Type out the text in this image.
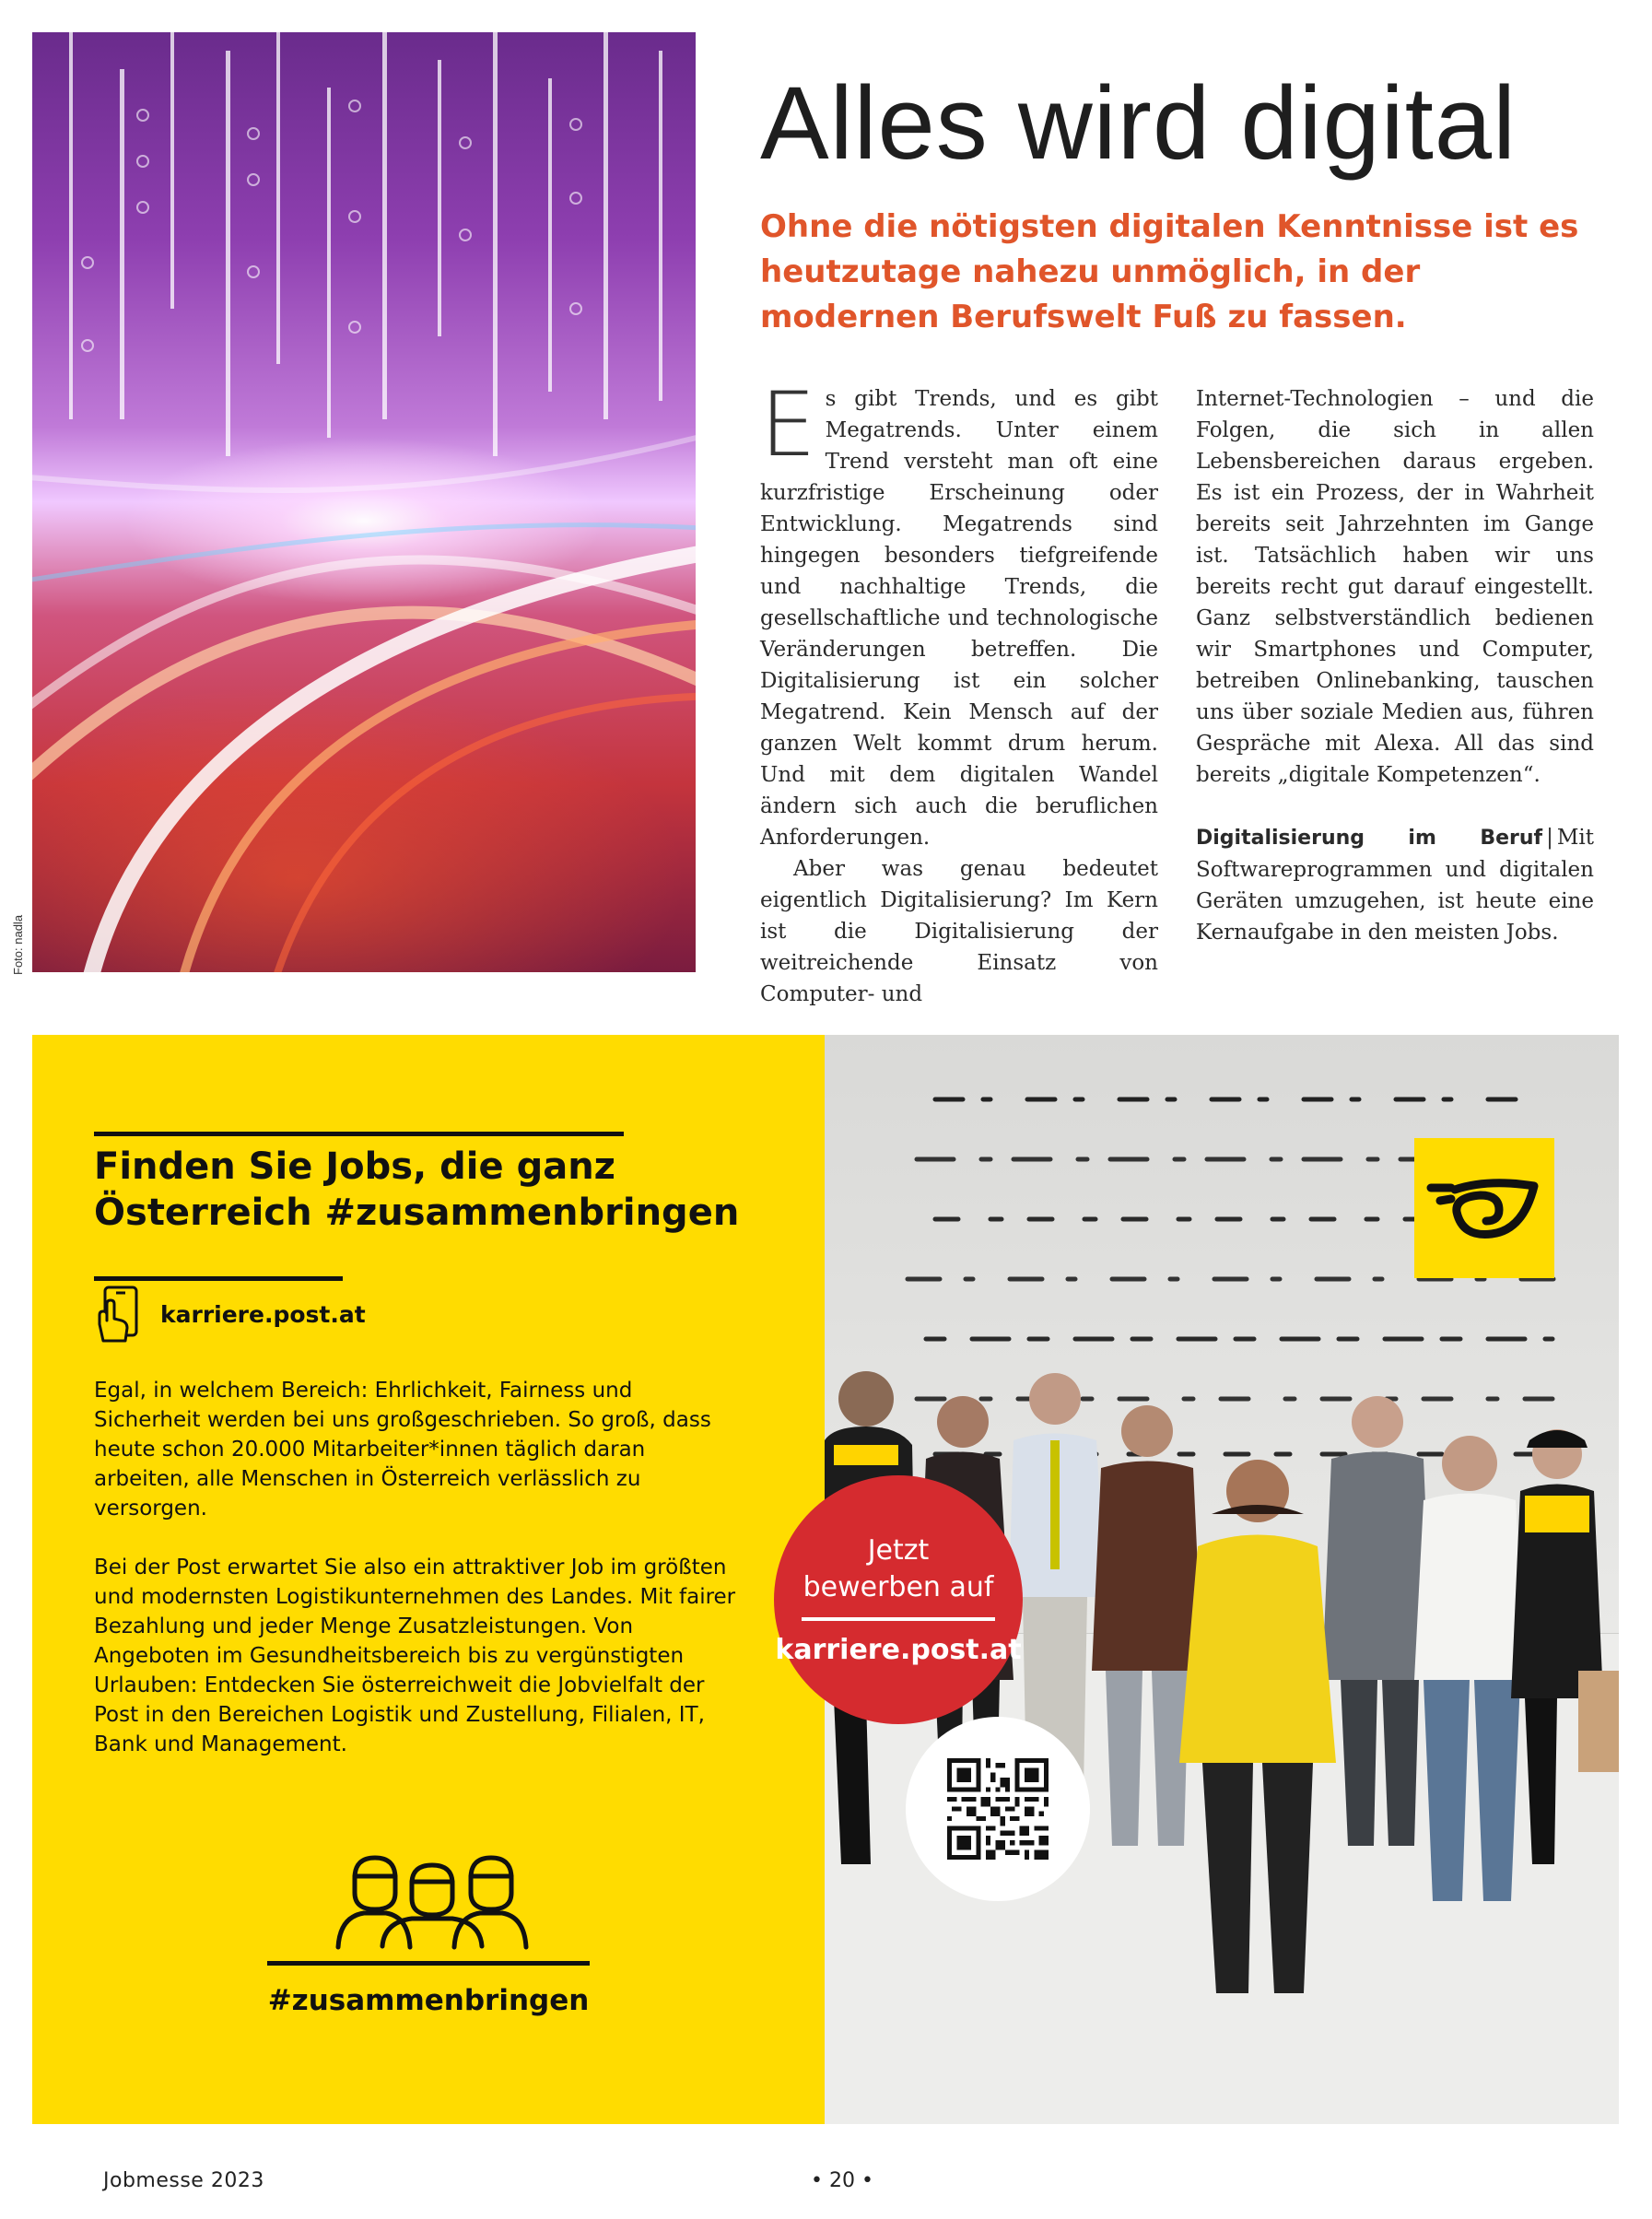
Foto: nadla
Alles wird digital
Ohne die nötigsten digitalen Kenntnisse ist es heutzutage nahezu unmöglich, in der modernen Berufswelt Fuß zu fassen.

Es gibt Trends, und es gibt Megatrends. Unter einem Trend versteht man oft eine kurzfristige Erscheinung oder Entwicklung. Megatrends sind hingegen besonders tiefgreifende und nachhaltige Trends, die gesellschaftliche und technologische Veränderungen betreffen. Die Digitalisierung ist ein solcher Megatrend. Kein Mensch auf der ganzen Welt kommt drum herum. Und mit dem digitalen Wandel ändern sich auch die beruflichen Anforderungen.

Aber was genau bedeutet eigentlich Digitalisierung? Im Kern ist die Digitalisierung der weitreichende Einsatz von Computer- und

Internet-Technologien – und die Folgen, die sich in allen Lebensbereichen daraus ergeben. Es ist ein Prozess, der in Wahrheit bereits seit Jahrzehnten im Gange ist. Tatsächlich haben wir uns bereits recht gut darauf eingestellt. Ganz selbstverständlich bedienen wir Smartphones und Computer, betreiben Onlinebanking, tauschen uns über soziale Medien aus, führen Gespräche mit Alexa. All das sind bereits „digitale Kompetenzen“.

Digitalisierung im Beruf | Mit Softwareprogrammen und digitalen Geräten umzugehen, ist heute eine Kernaufgabe in den meisten Jobs.

Finden Sie Jobs, die ganz Österreich #zusammenbringen
karriere.post.at

Egal, in welchem Bereich: Ehrlichkeit, Fairness und Sicherheit werden bei uns großgeschrieben. So groß, dass heute schon 20.000 Mitarbeiter*innen täglich daran arbeiten, alle Menschen in Österreich verlässlich zu versorgen.

Bei der Post erwartet Sie also ein attraktiver Job im größten und modernsten Logistikunternehmen des Landes. Mit fairer Bezahlung und jeder Menge Zusatzleistungen. Von Angeboten im Gesundheitsbereich bis zu vergünstigten Urlauben: Entdecken Sie österreichweit die Jobvielfalt der Post in den Bereichen Logistik und Zustellung, Filialen, IT, Bank und Management.

#zusammenbringen
Jetzt
bewerben auf
karriere.post.at
Jobmesse 2023	• 20 •
